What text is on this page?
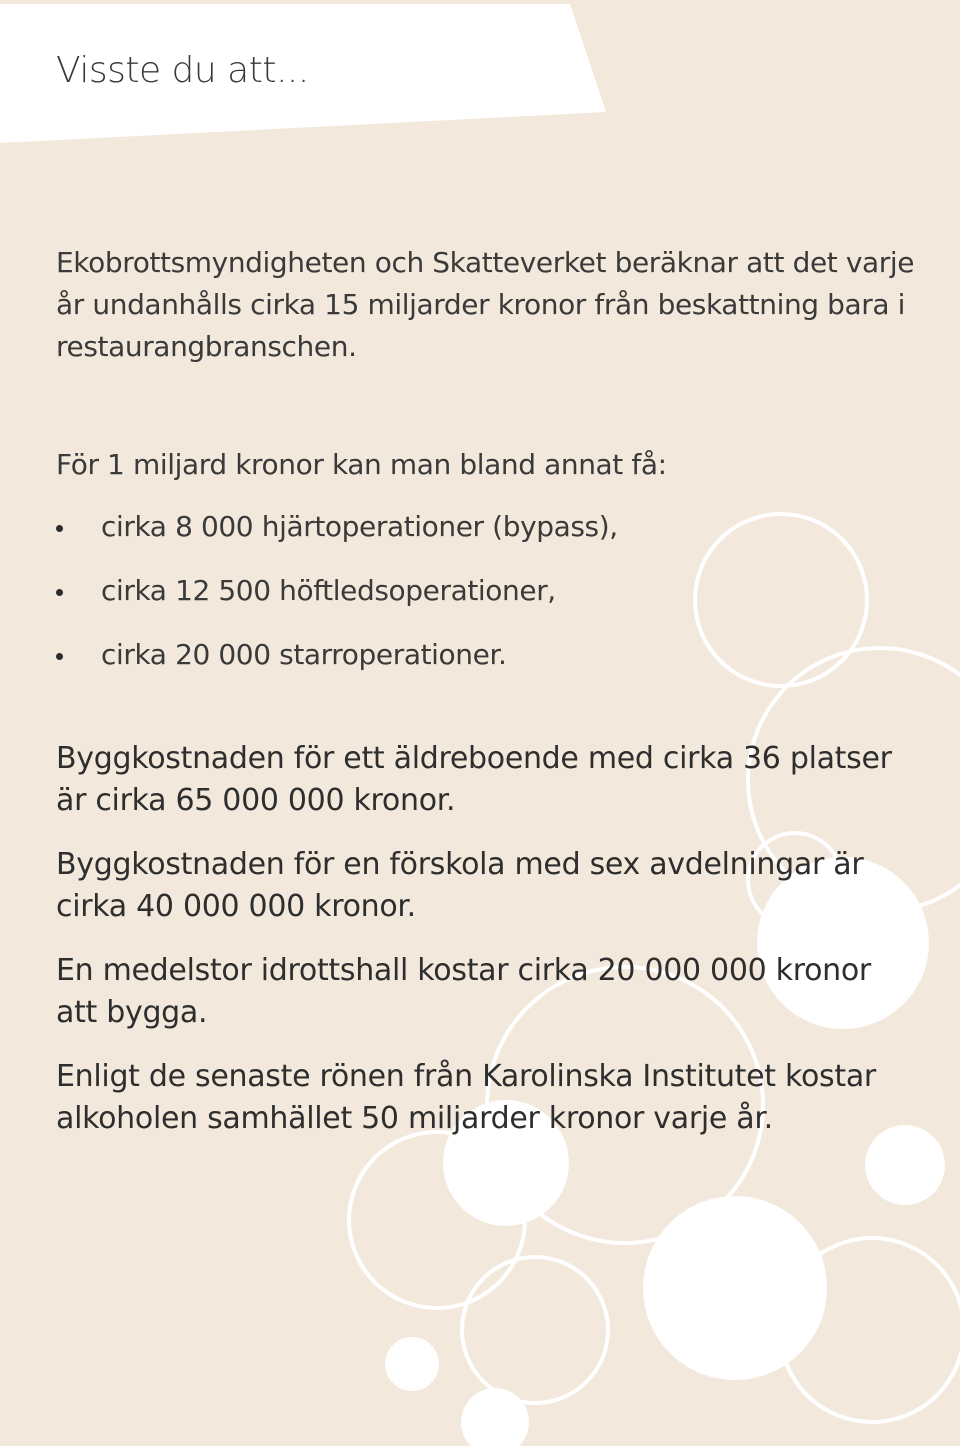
Visste du att...

Ekobrottsmyndigheten och Skatteverket beräknar att det varje år undanhålls cirka 15 miljarder kronor från beskattning bara i restaurangbranschen.

För 1 miljard kronor kan man bland annat få:

cirka 8 000 hjärtoperationer (bypass),
cirka 12 500 höftledsoperationer,
cirka 20 000 starroperationer.

Byggkostnaden för ett äldreboende med cirka 36 platser är cirka 65 000 000 kronor.

Byggkostnaden för en förskola med sex avdelningar är cirka 40 000 000 kronor.

En medelstor idrottshall kostar cirka 20 000 000 kronor att bygga.

Enligt de senaste rönen från Karolinska Institutet kostar alkoholen samhället 50 miljarder kronor varje år.
